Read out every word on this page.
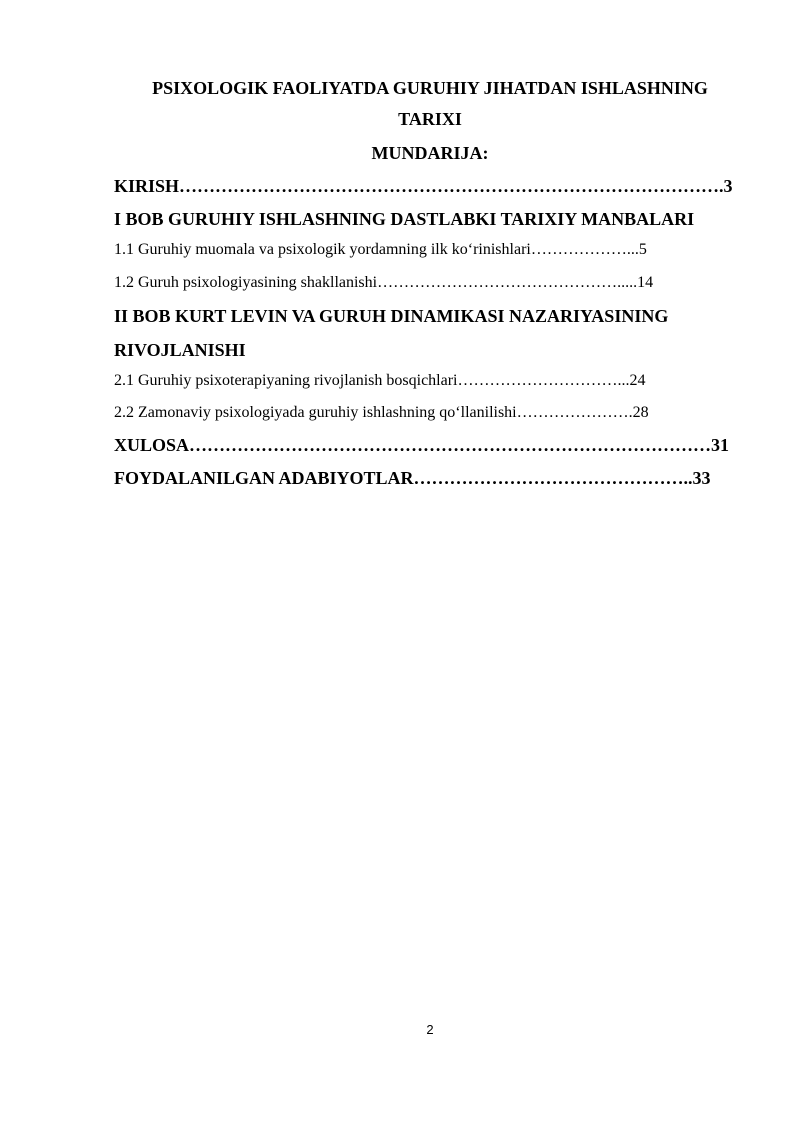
PSIXOLOGIK FAOLIYATDA GURUHIY JIHATDAN ISHLASHNING

TARIXI

MUNDARIJA:

KIRISH……………………………………………………………………………….3

I BOB GURUHIY ISHLASHNING DASTLABKI TARIXIY MANBALARI

1.1 Guruhiy muomala va psixologik yordamning ilk ko‘rinishlari………………...5

1.2 Guruh psixologiyasining shakllanishi……………………………………….....14

II BOB KURT LEVIN VA GURUH DINAMIKASI NAZARIYASINING

RIVOJLANISHI

2.1 Guruhiy psixoterapiyaning rivojlanish bosqichlari…………………………...24

2.2 Zamonaviy psixologiyada guruhiy ishlashning qo‘llanilishi………………….28

XULOSA……………………………………………………………………………31

FOYDALANILGAN ADABIYOTLAR………………………………………..33

2
